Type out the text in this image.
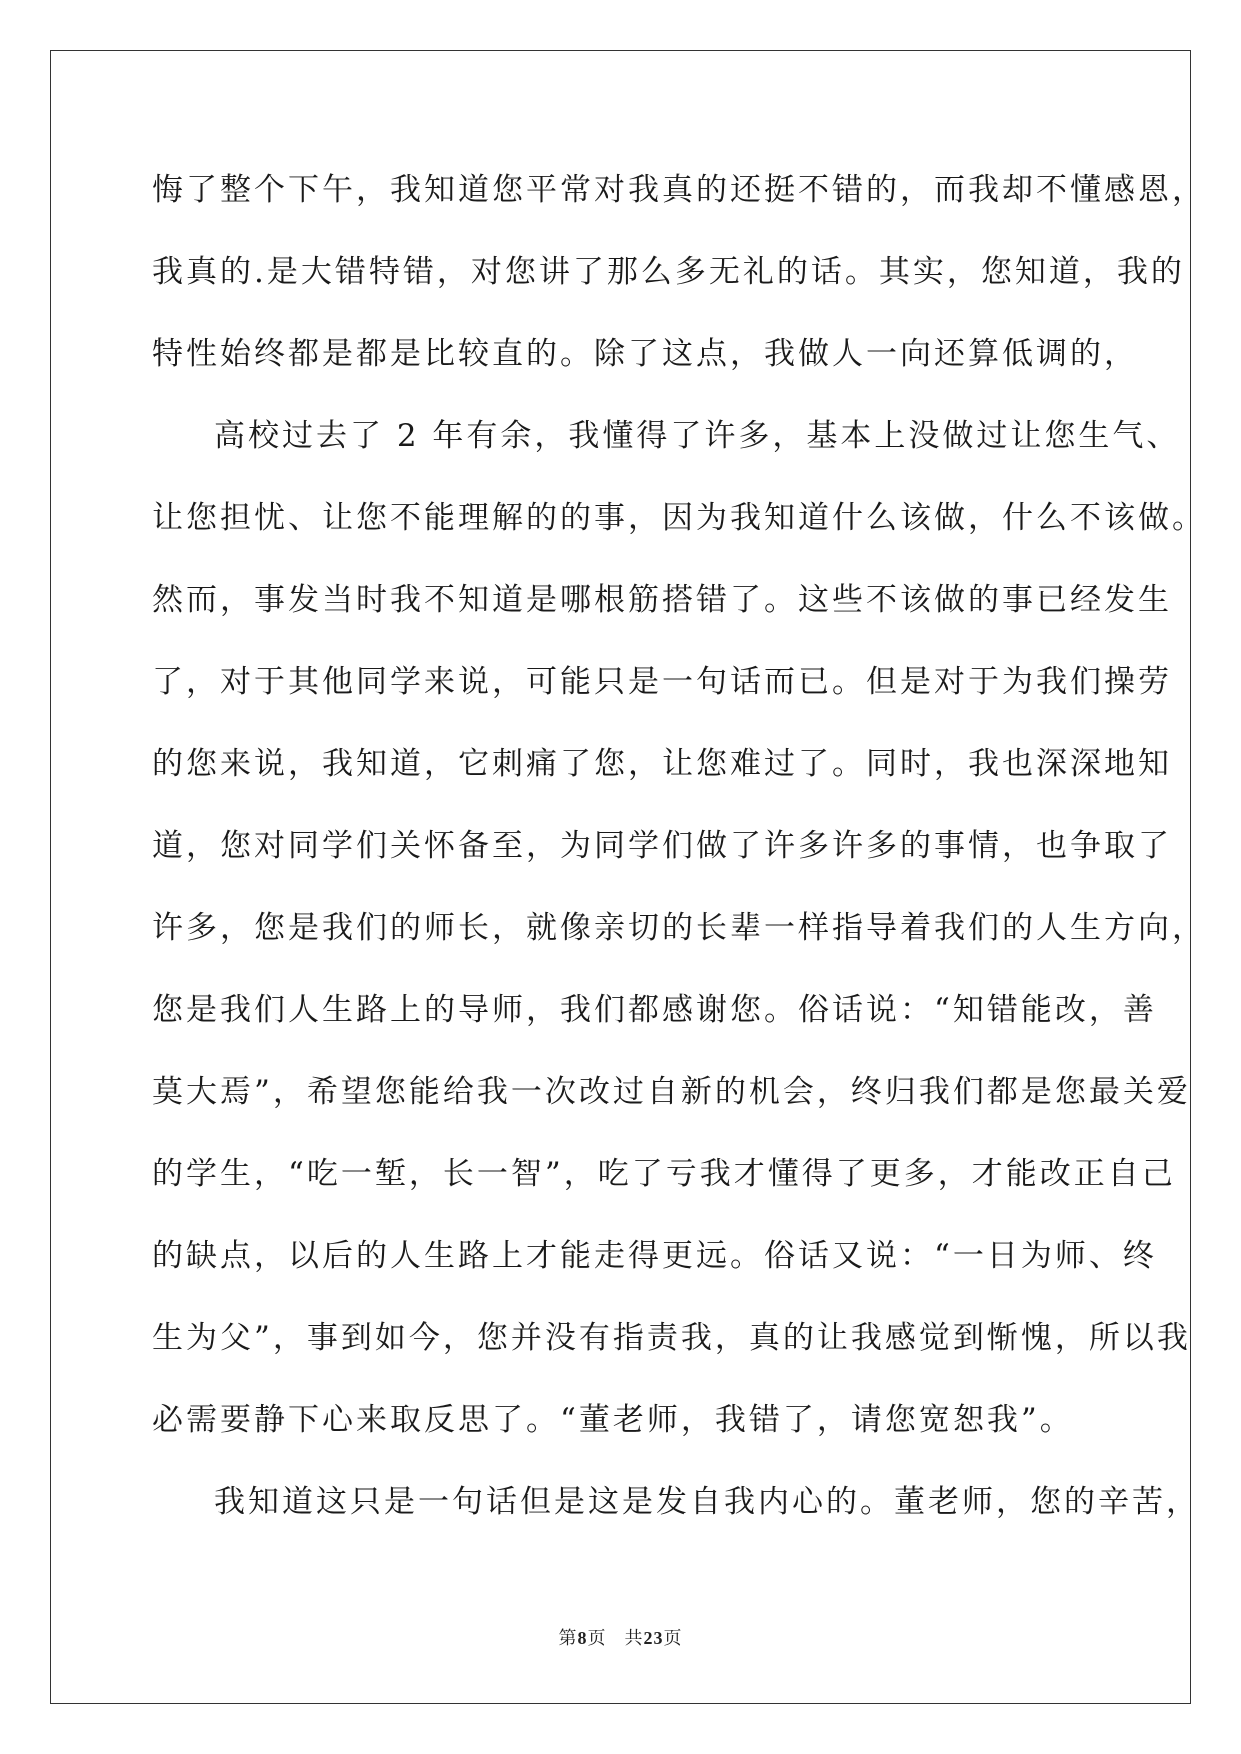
悔了整个下午，我知道您平常对我真的还挺不错的，而我却不懂感恩，
我真的.是大错特错，对您讲了那么多无礼的话。其实，您知道，我的
特性始终都是都是比较直的。除了这点，我做人一向还算低调的，
高校过去了 2 年有余，我懂得了许多，基本上没做过让您生气、
让您担忧、让您不能理解的的事，因为我知道什么该做，什么不该做。
然而，事发当时我不知道是哪根筋搭错了。这些不该做的事已经发生
了，对于其他同学来说，可能只是一句话而已。但是对于为我们操劳
的您来说，我知道，它刺痛了您，让您难过了。同时，我也深深地知
道，您对同学们关怀备至，为同学们做了许多许多的事情，也争取了
许多，您是我们的师长，就像亲切的长辈一样指导着我们的人生方向，
您是我们人生路上的导师，我们都感谢您。俗话说：“知错能改，善
莫大焉”，希望您能给我一次改过自新的机会，终归我们都是您最关爱
的学生，“吃一堑，长一智”，吃了亏我才懂得了更多，才能改正自己
的缺点，以后的人生路上才能走得更远。俗话又说：“一日为师、终
生为父”，事到如今，您并没有指责我，真的让我感觉到惭愧，所以我
必需要静下心来取反思了。“董老师，我错了，请您宽恕我”。
我知道这只是一句话但是这是发自我内心的。董老师，您的辛苦，
第8页 共23页
